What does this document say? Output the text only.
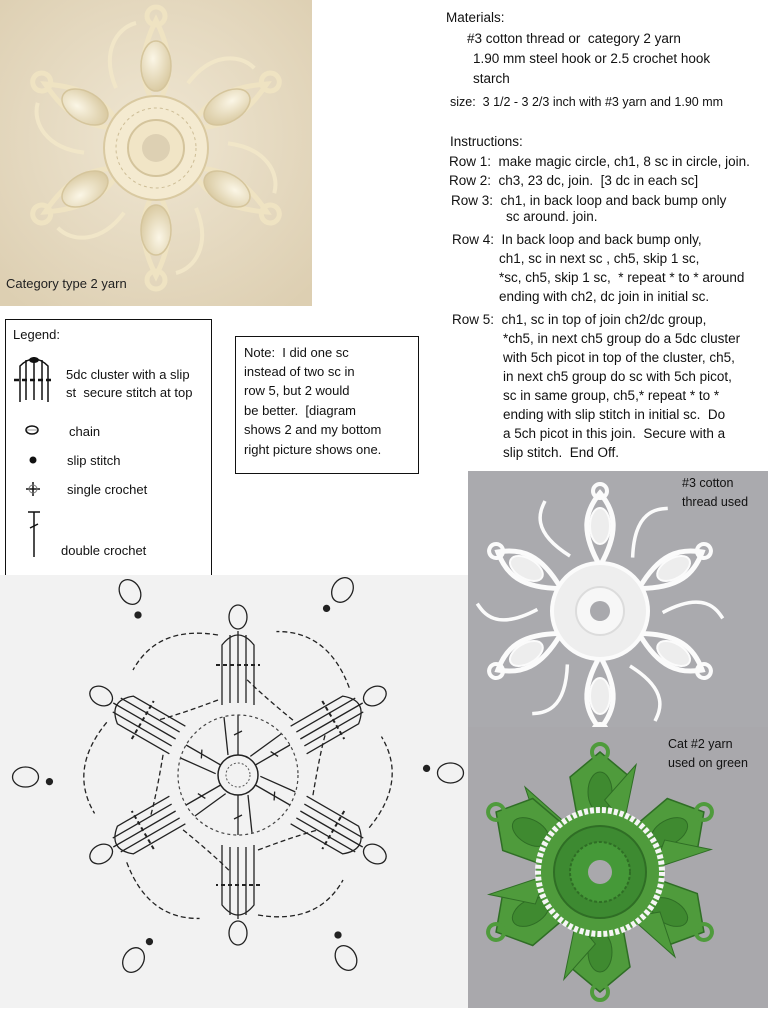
Category type 2 yarn
Materials:
#3 cotton thread or  category 2 yarn
1.90 mm steel hook or 2.5 crochet hook
starch
size:  3 1/2 - 3 2/3 inch with #3 yarn and 1.90 mm
Instructions:
Row 1:  make magic circle, ch1, 8 sc in circle, join.
Row 2:  ch3, 23 dc, join.  [3 dc in each sc]
Row 3:  ch1, in back loop and back bump only
sc around. join.
Row 4:  In back loop and back bump only,
ch1, sc in next sc , ch5, skip 1 sc,
*sc, ch5, skip 1 sc,  * repeat * to * around
ending with ch2, dc join in initial sc.
Row 5:  ch1, sc in top of join ch2/dc group,
*ch5, in next ch5 group do a 5dc cluster
with 5ch picot in top of the cluster, ch5,
in next ch5 group do sc with 5ch picot,
sc in same group, ch5,* repeat * to *
ending with slip stitch in initial sc.  Do
a 5ch picot in this join.  Secure with a
slip stitch.  End Off.
Legend:
5dc cluster with a slip
st  secure stitch at top
chain
slip stitch
single crochet
double crochet
Note:  I did one sc
instead of two sc in
row 5, but 2 would
be better.  [diagram
shows 2 and my bottom
right picture shows one.
#3 cotton
thread used
Cat #2 yarn
used on green
